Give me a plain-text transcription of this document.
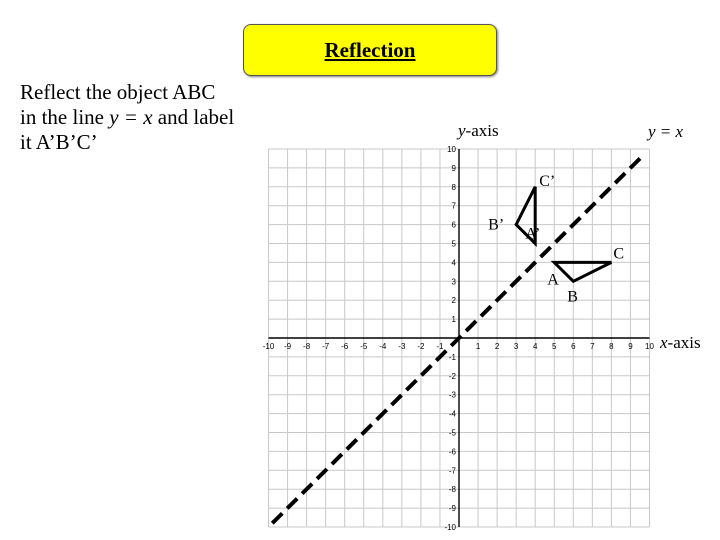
Reflection
Reflect the object ABC
in the line y = x and label
it A’B’C’
-10 -9 -8 -7 -6 -5 -4 -3 -2 -1	1 2 3 4 5 6 7 8 9 10
10
9
8
7
6
5
4
3
2
1
-1
-2
-3
-4
-5
-6
-7
-8
-9
-10
A
B
C
A’
B’
C’
y-axis
x-axis
y = x
